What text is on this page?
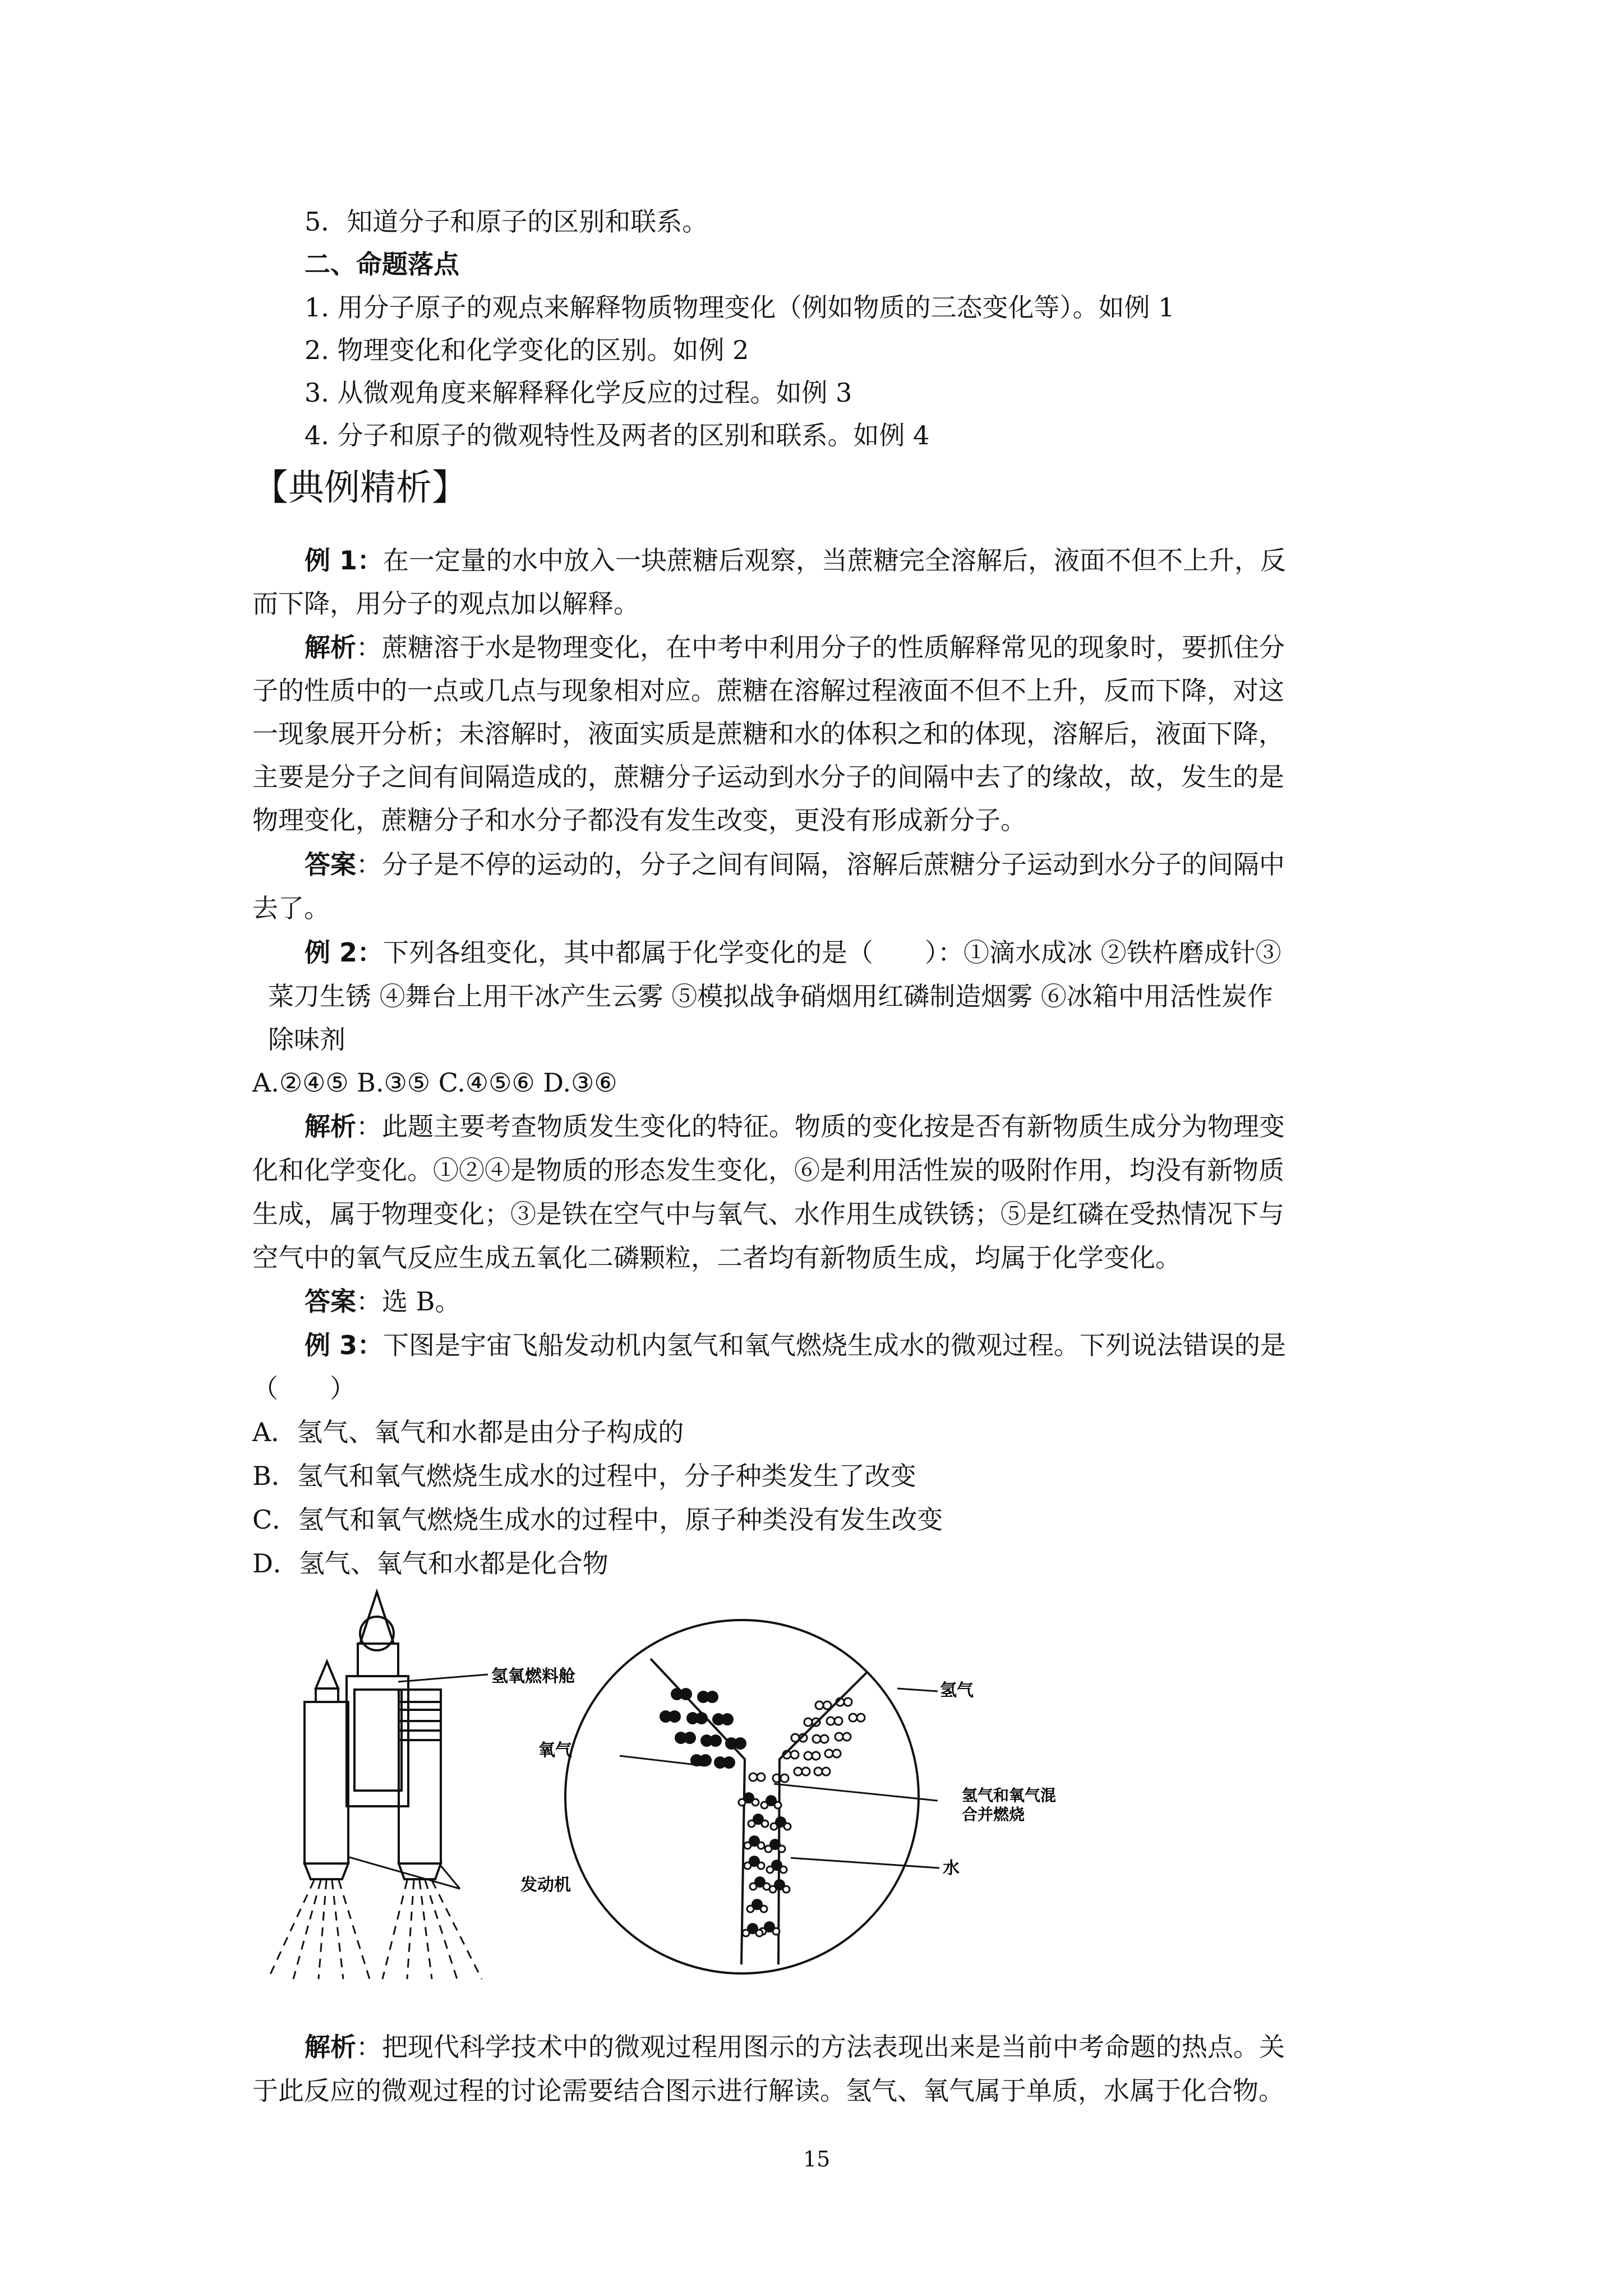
5．知道分子和原子的区别和联系。
二、命题落点
1. 用分子原子的观点来解释物质物理变化（例如物质的三态变化等）。如例 1
2. 物理变化和化学变化的区别。如例 2
3. 从微观角度来解释释化学反应的过程。如例 3
4. 分子和原子的微观特性及两者的区别和联系。如例 4
【典例精析】
例 1：在一定量的水中放入一块蔗糖后观察，当蔗糖完全溶解后，液面不但不上升，反
而下降，用分子的观点加以解释。
解析：蔗糖溶于水是物理变化，在中考中利用分子的性质解释常见的现象时，要抓住分
子的性质中的一点或几点与现象相对应。蔗糖在溶解过程液面不但不上升，反而下降，对这
一现象展开分析；未溶解时，液面实质是蔗糖和水的体积之和的体现，溶解后，液面下降，
主要是分子之间有间隔造成的，蔗糖分子运动到水分子的间隔中去了的缘故，故，发生的是
物理变化，蔗糖分子和水分子都没有发生改变，更没有形成新分子。
答案：分子是不停的运动的，分子之间有间隔，溶解后蔗糖分子运动到水分子的间隔中
去了。
例 2：下列各组变化，其中都属于化学变化的是（　　）：①滴水成冰 ②铁杵磨成针③
菜刀生锈 ④舞台上用干冰产生云雾 ⑤模拟战争硝烟用红磷制造烟雾 ⑥冰箱中用活性炭作
除味剂
A.②④⑤ B.③⑤ C.④⑤⑥ D.③⑥
解析：此题主要考查物质发生变化的特征。物质的变化按是否有新物质生成分为物理变
化和化学变化。①②④是物质的形态发生变化，⑥是利用活性炭的吸附作用，均没有新物质
生成，属于物理变化；③是铁在空气中与氧气、水作用生成铁锈；⑤是红磷在受热情况下与
空气中的氧气反应生成五氧化二磷颗粒，二者均有新物质生成，均属于化学变化。
答案：选 B。
例 3：下图是宇宙飞船发动机内氢气和氧气燃烧生成水的微观过程。下列说法错误的是
（　　）
A．氢气、氧气和水都是由分子构成的
B．氢气和氧气燃烧生成水的过程中，分子种类发生了改变
C．氢气和氧气燃烧生成水的过程中，原子种类没有发生改变
D．氢气、氧气和水都是化合物
氢氧燃料舱
氧气
发动机
氢气
氢气和氧气混
合并燃烧
水
解析：把现代科学技术中的微观过程用图示的方法表现出来是当前中考命题的热点。关
于此反应的微观过程的讨论需要结合图示进行解读。氢气、氧气属于单质，水属于化合物。
15
